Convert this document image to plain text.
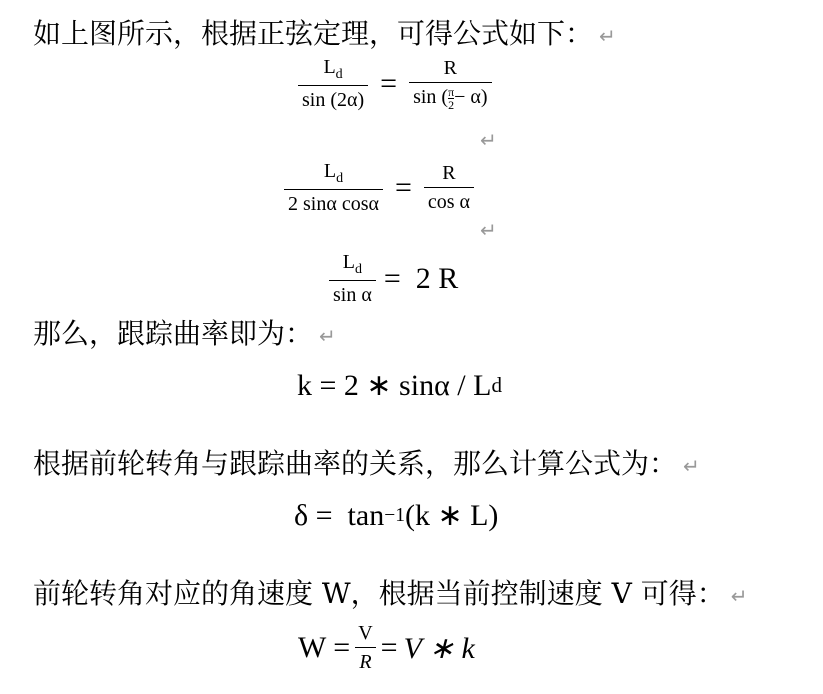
如上图所示，根据正弦定理，可得公式如下： ↵
$\frac{L_d}{\sin (2\alpha)} = \frac{R}{\sin ( \frac{\pi}{2} - \alpha)}$
↵
$\frac{L_d}{\text{2 sinα cosα}} = \frac{R}{\text{cos α}}$
↵
$\frac{L_d}{\text{sin α}} = 2$ R
那么，跟踪曲率即为： ↵
k = 2 ∗ sinα / L d
根据前轮转角与跟踪曲率的关系，那么计算公式为： ↵
δ =  tan −1 (k ∗ L)
前轮转角对应的角速度 W，根据当前控制速度 V 可得： ↵
$W = \frac{V}{R} = V$ ∗ k
